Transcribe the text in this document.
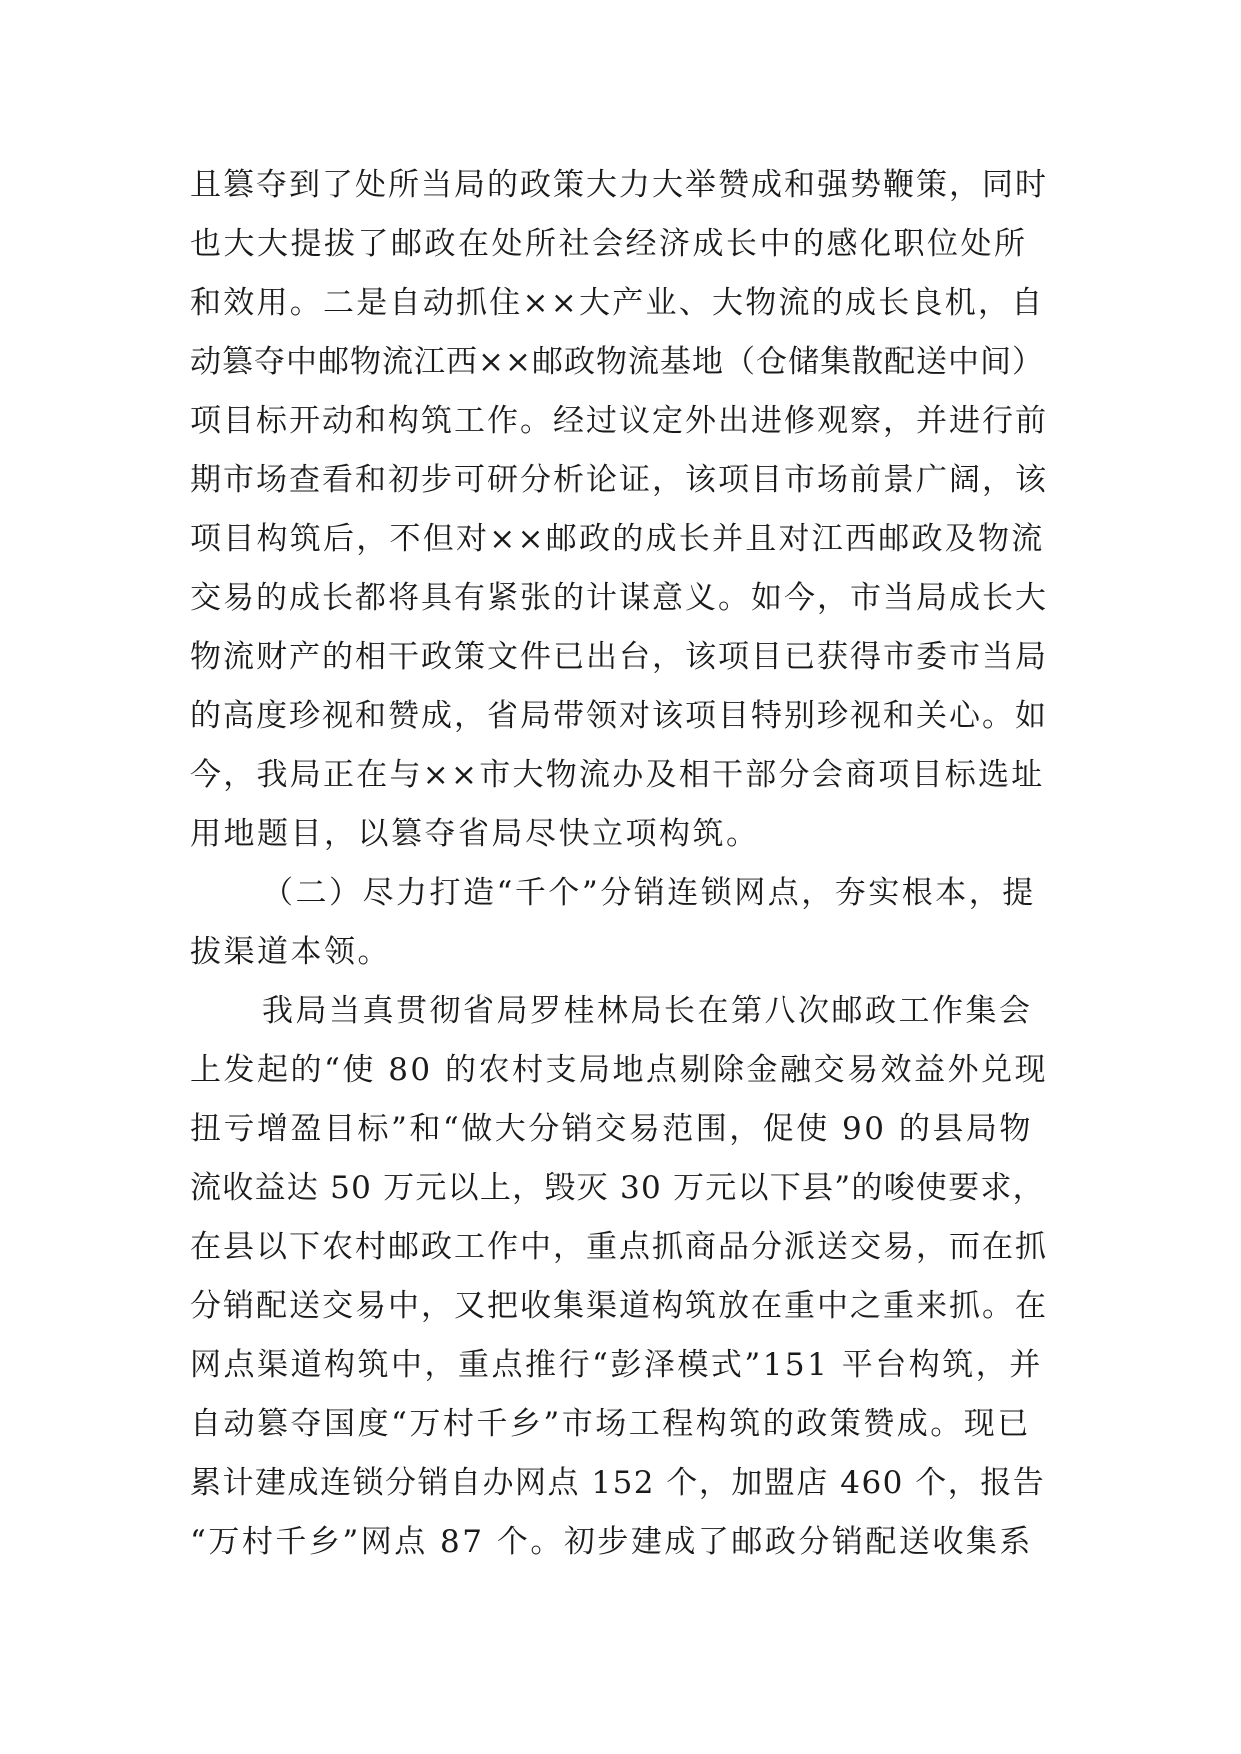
且篡夺到了处所当局的政策大力大举赞成和强势鞭策，同时
也大大提拔了邮政在处所社会经济成长中的感化职位处所
和效用。二是自动抓住××大产业、大物流的成长良机，自
动篡夺中邮物流江西××邮政物流基地（仓储集散配送中间）
项目标开动和构筑工作。经过议定外出进修观察，并进行前
期市场查看和初步可研分析论证，该项目市场前景广阔，该
项目构筑后，不但对××邮政的成长并且对江西邮政及物流
交易的成长都将具有紧张的计谋意义。如今，市当局成长大
物流财产的相干政策文件已出台，该项目已获得市委市当局
的高度珍视和赞成，省局带领对该项目特别珍视和关心。如
今，我局正在与××市大物流办及相干部分会商项目标选址
用地题目，以篡夺省局尽快立项构筑。
（二）尽力打造“千个”分销连锁网点，夯实根本，提
拔渠道本领。
我局当真贯彻省局罗桂林局长在第八次邮政工作集会
上发起的“使 80 的农村支局地点剔除金融交易效益外兑现
扭亏增盈目标”和“做大分销交易范围，促使 90 的县局物
流收益达 50 万元以上，毁灭 30 万元以下县”的唆使要求，
在县以下农村邮政工作中，重点抓商品分派送交易，而在抓
分销配送交易中，又把收集渠道构筑放在重中之重来抓。在
网点渠道构筑中，重点推行“彭泽模式”151 平台构筑，并
自动篡夺国度“万村千乡”市场工程构筑的政策赞成。现已
累计建成连锁分销自办网点 152 个，加盟店 460 个，报告
“万村千乡”网点 87 个。初步建成了邮政分销配送收集系
